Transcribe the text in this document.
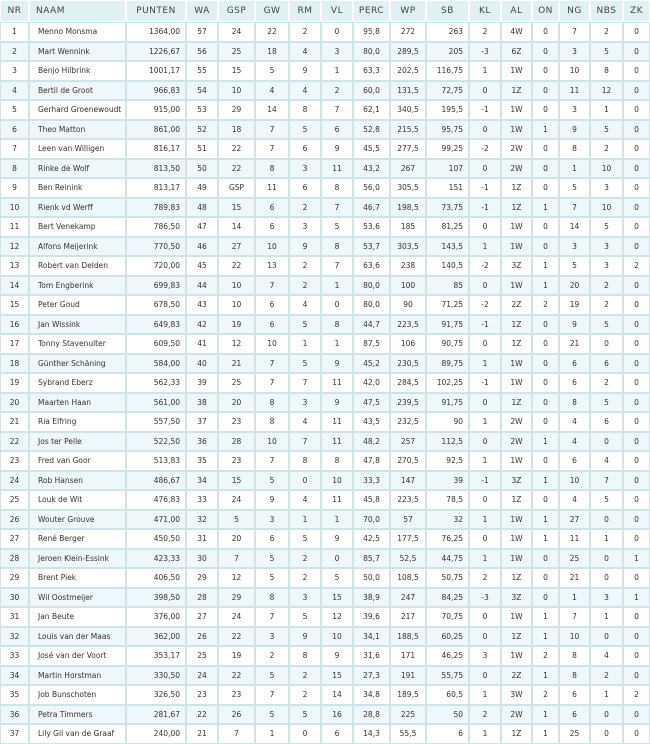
NR	NAAM	PUNTEN	WA	GSP	GW	RM	VL	PERC	WP	SB	KL	AL	ON	NG	NBS	ZK
1	Menno Monsma	1364,00	57	24	22	2	0	95,8	272	263	2	4W	0	7	2	0
2	Mart Wennink	1226,67	56	25	18	4	3	80,0	289,5	205	-3	6Z	0	3	5	0
3	Benjo Hilbrink	1001,17	55	15	5	9	1	63,3	202,5	116,75	1	1W	0	10	8	0
4	Bertil de Groot	966,83	54	10	4	4	2	60,0	131,5	72,75	0	1Z	0	11	12	0
5	Gerhard Groenewoudt	915,00	53	29	14	8	7	62,1	340,5	195,5	-1	1W	0	3	1	0
6	Theo Matton	861,00	52	18	7	5	6	52,8	215,5	95,75	0	1W	1	9	5	0
7	Leen van Willigen	816,17	51	22	7	6	9	45,5	277,5	99,25	-2	2W	0	8	2	0
8	Rinke de Wolf	813,50	50	22	8	3	11	43,2	267	107	0	2W	0	1	10	0
9	Ben Reinink	813,17	49	GSP	11	6	8	56,0	305,5	151	-1	1Z	0	5	3	0
10	Rienk vd Werff	789,83	48	15	6	2	7	46,7	198,5	73,75	-1	1Z	1	7	10	0
11	Bert Venekamp	786,50	47	14	6	3	5	53,6	185	81,25	0	1W	0	14	5	0
12	Alfons Meijerink	770,50	46	27	10	9	8	53,7	303,5	143,5	1	1W	0	3	3	0
13	Robert van Delden	720,00	45	22	13	2	7	63,6	238	140,5	-2	3Z	1	5	3	2
14	Tom Engberink	699,83	44	10	7	2	1	80,0	100	85	0	1W	1	20	2	0
15	Peter Goud	678,50	43	10	6	4	0	80,0	90	71,25	-2	2Z	2	19	2	0
16	Jan Wissink	649,83	42	19	6	5	8	44,7	223,5	91,75	-1	1Z	0	9	5	0
17	Tonny Stavenuiter	609,50	41	12	10	1	1	87,5	106	90,75	0	1Z	0	21	0	0
18	Günther Schäning	584,00	40	21	7	5	9	45,2	230,5	89,75	1	1W	0	6	6	0
19	Sybrand Eberz	562,33	39	25	7	7	11	42,0	284,5	102,25	-1	1W	0	6	2	0
20	Maarten Haan	561,00	38	20	8	3	9	47,5	239,5	91,75	0	1Z	0	8	5	0
21	Ria Elfring	557,50	37	23	8	4	11	43,5	232,5	90	1	2W	0	4	6	0
22	Jos ter Pelle	522,50	36	28	10	7	11	48,2	257	112,5	0	2W	1	4	0	0
23	Fred van Goor	513,83	35	23	7	8	8	47,8	270,5	92,5	1	1W	0	6	4	0
24	Rob Hansen	486,67	34	15	5	0	10	33,3	147	39	-1	3Z	1	10	7	0
25	Louk de Wit	476,83	33	24	9	4	11	45,8	223,5	78,5	0	1Z	0	4	5	0
26	Wouter Grouve	471,00	32	5	3	1	1	70,0	57	32	1	1W	1	27	0	0
27	René Berger	450,50	31	20	6	5	9	42,5	177,5	76,25	0	1W	1	11	1	0
28	Jeroen Klein-Essink	423,33	30	7	5	2	0	85,7	52,5	44,75	1	1W	0	25	0	1
29	Brent Piek	406,50	29	12	5	2	5	50,0	108,5	50,75	2	1Z	0	21	0	0
30	Wil Oostmeijer	398,50	28	29	8	3	15	38,9	247	84,25	-3	3Z	0	1	3	1
31	Jan Beute	376,00	27	24	7	5	12	39,6	217	70,75	0	1W	1	7	1	0
32	Louis van der Maas	362,00	26	22	3	9	10	34,1	188,5	60,25	0	1Z	1	10	0	0
33	José van der Voort	353,17	25	19	2	8	9	31,6	171	46,25	3	1W	2	8	4	0
34	Martin Horstman	330,50	24	22	5	2	15	27,3	191	55,75	0	2Z	1	8	2	0
35	Job Bunschoten	326,50	23	23	7	2	14	34,8	189,5	60,5	1	3W	2	6	1	2
36	Petra Timmers	281,67	22	26	5	5	16	28,8	225	50	2	2W	1	6	0	0
37	Lily Gil van de Graaf	240,00	21	7	1	0	6	14,3	55,5	6	1	1Z	1	25	0	0
